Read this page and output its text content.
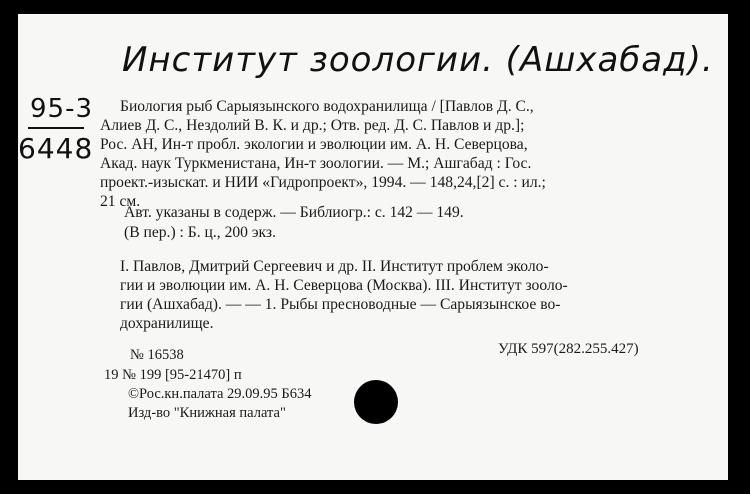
Институт зоологии. (Ашхабад).
95-3
6448
Биология рыб Сарыязынского водохранилища / [Павлов Д. С.,
Алиев Д. С., Нездолий В. К. и др.; Отв. ред. Д. С. Павлов и др.];
Рос. АН, Ин-т пробл. экологии и эволюции им. А. Н. Северцова,
Акад. наук Туркменистана, Ин-т зоологии. — М.; Ашгабад : Гос.
проект.-изыскат. и НИИ «Гидропроект», 1994. — 148,24,[2] с. : ил.;
21 см.
Авт. указаны в содерж. — Библиогр.: с. 142 — 149.
(В пер.) : Б. ц., 200 экз.
I. Павлов, Дмитрий Сергеевич и др. II. Институт проблем эколо-
гии и эволюции им. А. Н. Северцова (Москва). III. Институт зооло-
гии (Ашхабад). — — 1. Рыбы пресноводные — Сарыязынское во-
дохранилище.
№ 16538	УДК 597(282.255.427)
19 № 199 [95-21470] п
©Рос.кн.палата 29.09.95 Б634
Изд-во "Книжная палата"
